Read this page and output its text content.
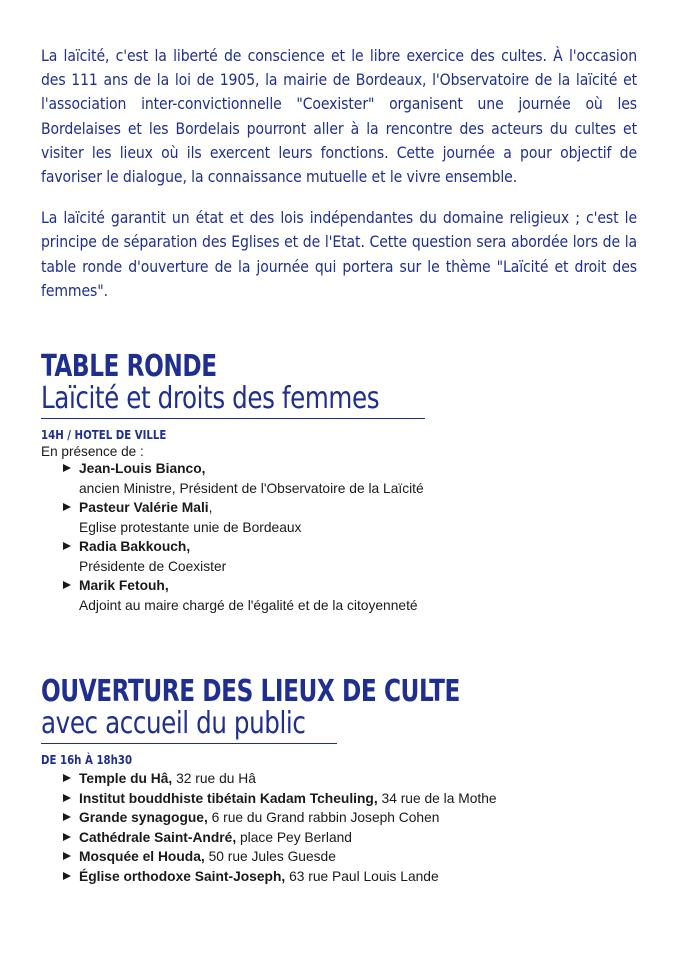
La laïcité, c'est la liberté de conscience et le libre exercice des cultes. À l'occasion des 111 ans de la loi de 1905, la mairie de Bordeaux, l'Observatoire de la laïcité et l'association inter-convictionnelle "Coexister" organisent une journée où les Bordelaises et les Bordelais pourront aller à la rencontre des acteurs du cultes et visiter les lieux où ils exercent leurs fonctions. Cette journée a pour objectif de favoriser le dialogue, la connaissance mutuelle et le vivre ensemble.

La laïcité garantit un état et des lois indépendantes du domaine religieux ; c'est le principe de séparation des Eglises et de l'Etat. Cette question sera abordée lors de la table ronde d'ouverture de la journée qui portera sur le thème "Laïcité et droit des femmes".

TABLE RONDE
Laïcité et droits des femmes
14H / HOTEL DE VILLE
En présence de :
Jean-Louis Bianco,
ancien Ministre, Président de l'Observatoire de la Laïcité
Pasteur Valérie Mali,
Eglise protestante unie de Bordeaux
Radia Bakkouch,
Présidente de Coexister
Marik Fetouh,
Adjoint au maire chargé de l'égalité et de la citoyenneté
OUVERTURE DES LIEUX DE CULTE
avec accueil du public
DE 16h À 18h30
Temple du Hâ, 32 rue du Hâ
Institut bouddhiste tibétain Kadam Tcheuling, 34 rue de la Mothe
Grande synagogue, 6 rue du Grand rabbin Joseph Cohen
Cathédrale Saint-André, place Pey Berland
Mosquée el Houda, 50 rue Jules Guesde
Église orthodoxe Saint-Joseph, 63 rue Paul Louis Lande
